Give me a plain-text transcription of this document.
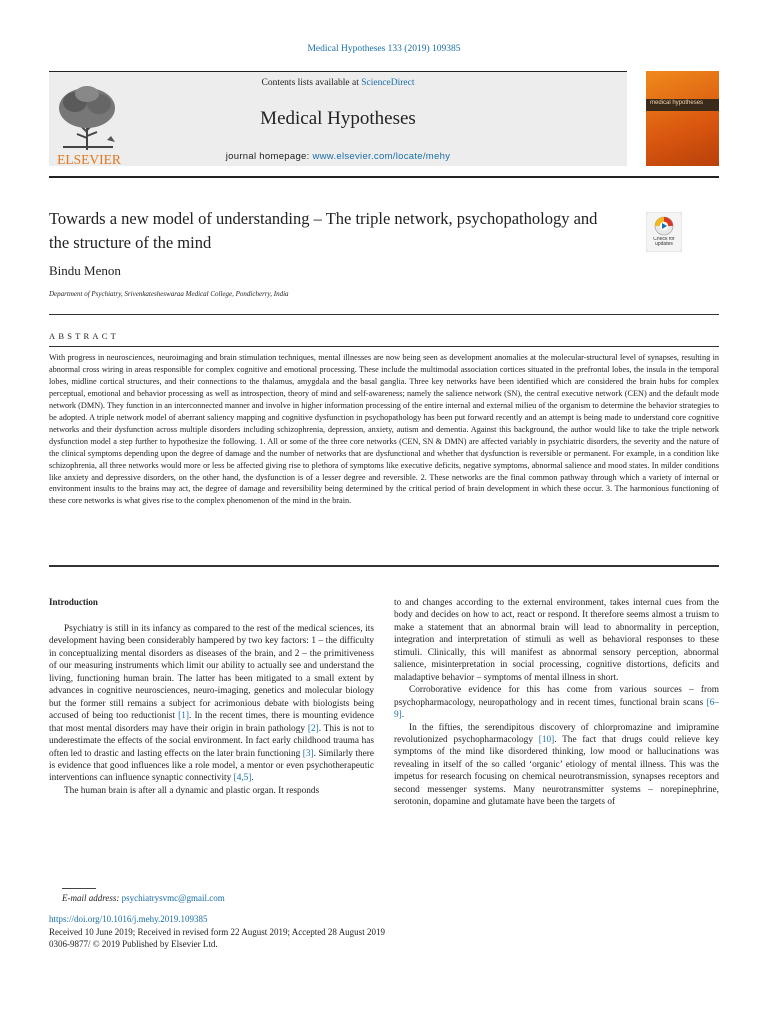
Medical Hypotheses 133 (2019) 109385
ELSEVIER
medical hypotheses
Contents lists available at ScienceDirect
Medical Hypotheses
journal homepage: www.elsevier.com/locate/mehy
Towards a new model of understanding – The triple network, psychopathology and the structure of the mind	Check for updates
Bindu Menon
Department of Psychiatry, Srivenkatesheswaraa Medical College, Pondicherry, India
ABSTRACT

With progress in neurosciences, neuroimaging and brain stimulation techniques, mental illnesses are now being seen as development anomalies at the molecular-structural level of synapses, resulting in abnormal cross wiring in areas responsible for complex cognitive and emotional processing. These include the multimodal association cortices situated in the prefrontal lobes, the insula in the temporal lobes, midline cortical structures, and their connections to the thalamus, amygdala and the basal ganglia. Three key networks have been identified which are considered the brain hubs for complex perceptual, emotional and behavior processing as well as introspection, theory of mind and self-awareness; namely the salience network (SN), the central executive network (CEN) and the default mode network (DMN). They function in an interconnected manner and involve in higher information processing of the entire internal and external milieu of the organism to determine the behavior strategies to be adopted. A triple network model of aberrant saliency mapping and cognitive dysfunction in psychopathology has been put forward recently and an attempt is being made to understand core cognitive networks and their dysfunction across multiple disorders including schizophrenia, depression, anxiety, autism and dementia. Against this background, the author would like to take the triple network dysfunction model a step further to hypothesize the following. 1. All or some of the three core networks (CEN, SN & DMN) are affected variably in psychiatric disorders, the severity and the nature of the clinical symptoms depending upon the degree of damage and the number of networks that are dysfunctional and whether that dysfunction is reversible or permanent. For example, in a condition like schizophrenia, all three networks would more or less be affected giving rise to plethora of symptoms like executive deficits, negative symptoms, abnormal salience and mood states. In milder conditions like anxiety and depressive disorders, on the other hand, the dysfunction is of a lesser degree and reversible. 2. These networks are the final common pathway through which a variety of internal or environment insults to the brains may act, the degree of damage and reversibility being determined by the critical period of brain development in which these occur. 3. The harmonious functioning of these core networks is what gives rise to the complex phenomenon of the mind in the brain.

Introduction

Psychiatry is still in its infancy as compared to the rest of the medical sciences, its development having been considerably hampered by two key factors: 1 – the difficulty in conceptualizing mental disorders as diseases of the brain, and 2 – the primitiveness of our measuring instruments which limit our ability to actually see and understand the living, functioning human brain. The latter has been mitigated to a small extent by advances in cognitive neurosciences, neuro-imaging, genetics and molecular biology but the former still remains a subject for acrimonious debate with biologists being accused of being too reductionist [1]. In the recent times, there is mounting evidence that most mental disorders may have their origin in brain pathology [2]. This is not to underestimate the effects of the social environment. In fact early childhood trauma has often led to drastic and lasting effects on the later brain functioning [3]. Similarly there is evidence that good influences like a role model, a mentor or even psychotherapeutic interventions can influence synaptic connectivity [4,5].

The human brain is after all a dynamic and plastic organ. It responds

to and changes according to the external environment, takes internal cues from the body and decides on how to act, react or respond. It therefore seems almost a truism to make a statement that an abnormal brain will lead to abnormality in perception, integration and interpretation of stimuli as well as behavioral responses to these stimuli. Clinically, this will manifest as abnormal sensory perception, abnormal salience, misinterpretation in social processing, cognitive distortions, deficits and maladaptive behavior – symptoms of mental illness in short.

Corroborative evidence for this has come from various sources – from psychopharmacology, neuropathology and in recent times, functional brain scans [6–9].

In the fifties, the serendipitous discovery of chlorpromazine and imipramine revolutionized psychopharmacology [10]. The fact that drugs could relieve key symptoms of the mind like disordered thinking, low mood or hallucinations was revealing in itself of the so called ‘organic’ etiology of mental illness. This was the impetus for research focusing on chemical neurotransmission, synapses receptors and second messenger systems. Many neurotransmitter systems – norepinephrine, serotonin, dopamine and glutamate have been the targets of

E-mail address: psychiatrysvmc@gmail.com
https://doi.org/10.1016/j.mehy.2019.109385
Received 10 June 2019; Received in revised form 22 August 2019; Accepted 28 August 2019
0306-9877/ © 2019 Published by Elsevier Ltd.
